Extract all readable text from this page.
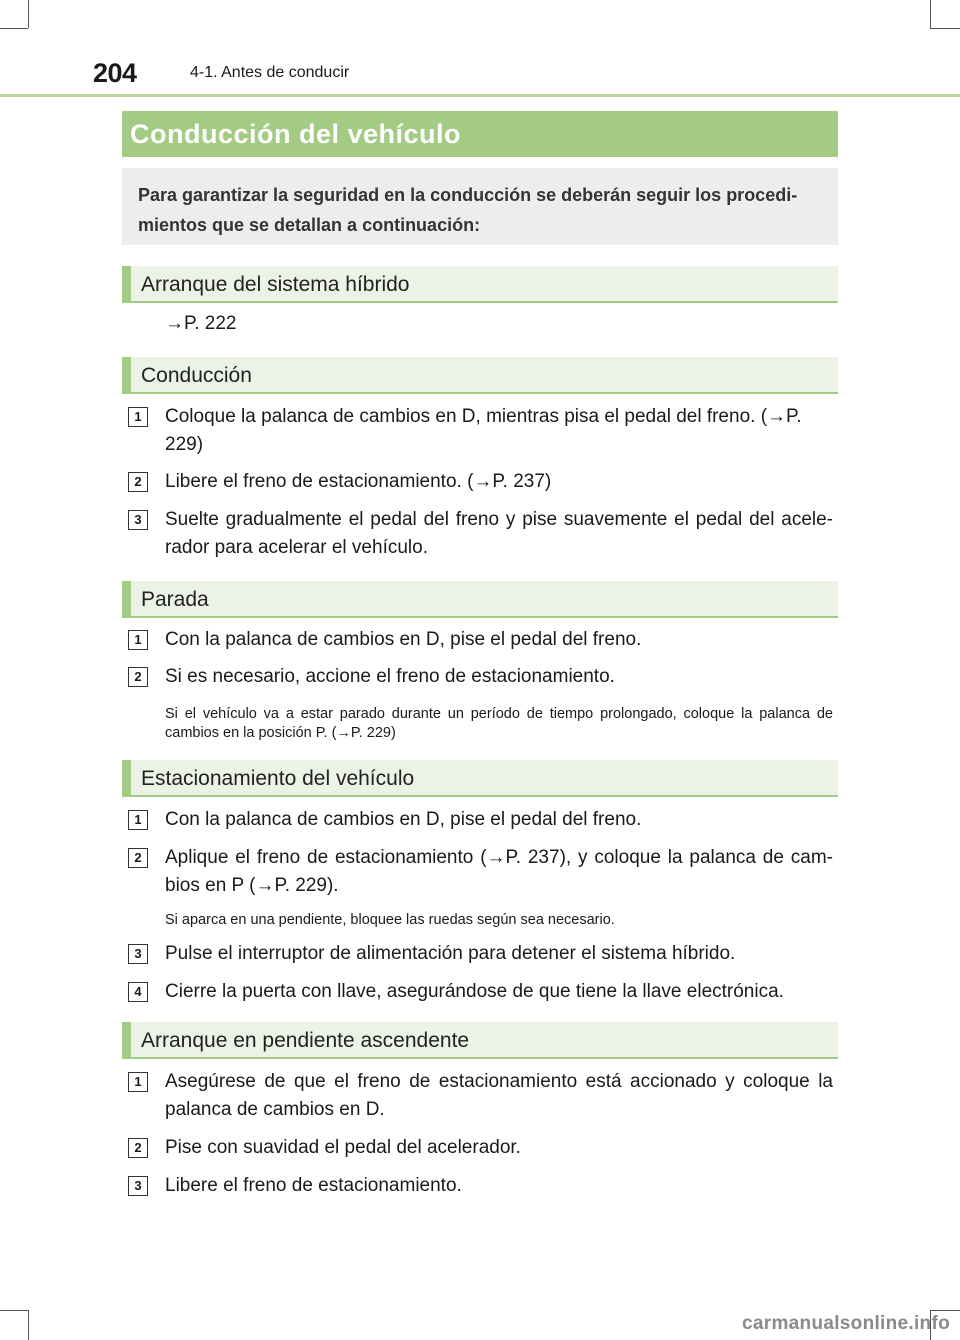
204	4-1. Antes de conducir
Conducción del vehículo
Para garantizar la seguridad en la conducción se deberán seguir los procedi-mientos que se detallan a continuación:
Arranque del sistema híbrido
→P. 222
Conducción
1	Coloque la palanca de cambios en D, mientras pisa el pedal del freno. (→P. 229)
2	Libere el freno de estacionamiento. (→P. 237)
3	Suelte gradualmente el pedal del freno y pise suavemente el pedal del acele-rador para acelerar el vehículo.
Parada
1	Con la palanca de cambios en D, pise el pedal del freno.
2	Si es necesario, accione el freno de estacionamiento.
Si el vehículo va a estar parado durante un período de tiempo prolongado, coloque la palanca de cambios en la posición P. (→P. 229)
Estacionamiento del vehículo
1	Con la palanca de cambios en D, pise el pedal del freno.
2	Aplique el freno de estacionamiento (→P. 237), y coloque la palanca de cam-bios en P (→P. 229).
Si aparca en una pendiente, bloquee las ruedas según sea necesario.
3	Pulse el interruptor de alimentación para detener el sistema híbrido.
4	Cierre la puerta con llave, asegurándose de que tiene la llave electrónica.
Arranque en pendiente ascendente
1	Asegúrese de que el freno de estacionamiento está accionado y coloque la palanca de cambios en D.
2	Pise con suavidad el pedal del acelerador.
3	Libere el freno de estacionamiento.
carmanualsonline.info
